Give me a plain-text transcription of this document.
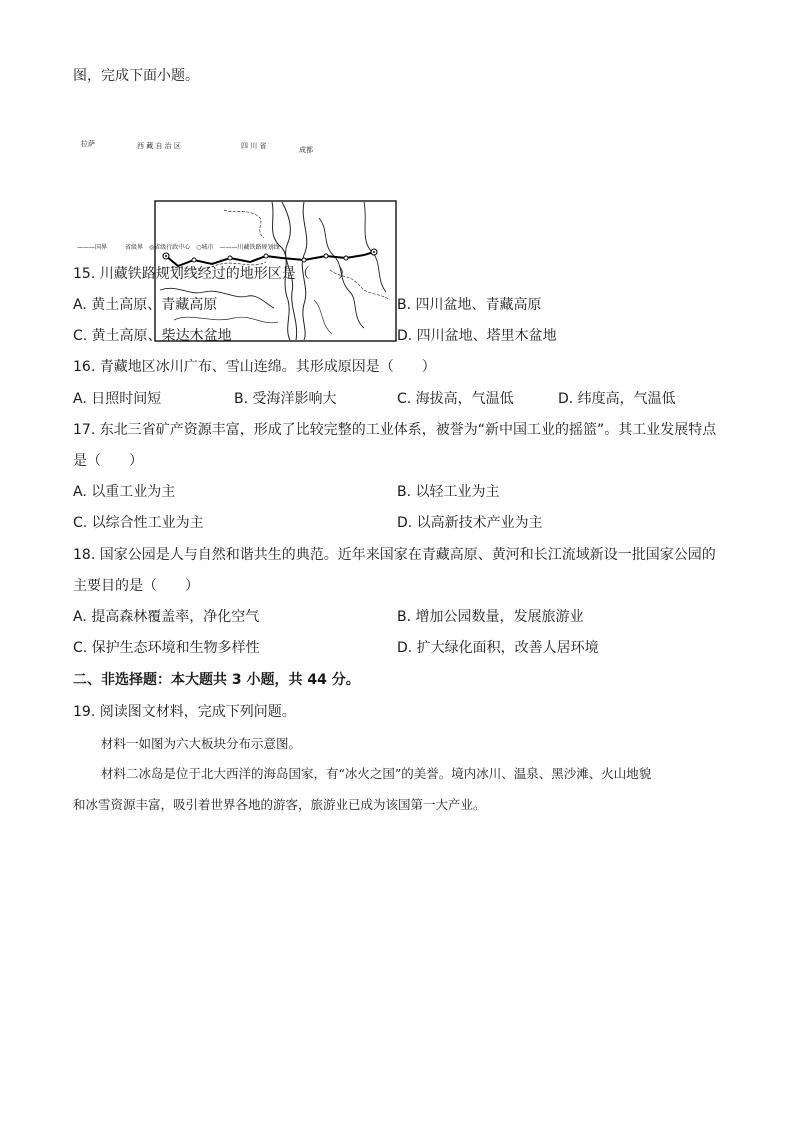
图，完成下面小题。
拉萨	西 藏 自 治 区	四 川 省	成都
———国界　　　省级界　◎省级行政中心　○城市　———川藏铁路规划线
15. 川藏铁路规划线经过的地形区是（　　）
A. 黄土高原、青藏高原	B. 四川盆地、青藏高原
C. 黄土高原、柴达木盆地	D. 四川盆地、塔里木盆地
16. 青藏地区冰川广布、雪山连绵。其形成原因是（　　）
A. 日照时间短	B. 受海洋影响大	C. 海拔高，气温低	D. 纬度高，气温低
17. 东北三省矿产资源丰富，形成了比较完整的工业体系，被誉为“新中国工业的摇篮”。其工业发展特点
是（　　）
A. 以重工业为主	B. 以轻工业为主
C. 以综合性工业为主	D. 以高新技术产业为主
18. 国家公园是人与自然和谐共生的典范。近年来国家在青藏高原、黄河和长江流域新设一批国家公园的
主要目的是（　　）
A. 提高森林覆盖率，净化空气	B. 增加公园数量，发展旅游业
C. 保护生态环境和生物多样性	D. 扩大绿化面积，改善人居环境
二、非选择题：本大题共 3 小题，共 44 分。
19. 阅读图文材料，完成下列问题。
材料一如图为六大板块分布示意图。
材料二冰岛是位于北大西洋的海岛国家，有“冰火之国”的美誉。境内冰川、温泉、黑沙滩、火山地貌
和冰雪资源丰富，吸引着世界各地的游客，旅游业已成为该国第一大产业。
